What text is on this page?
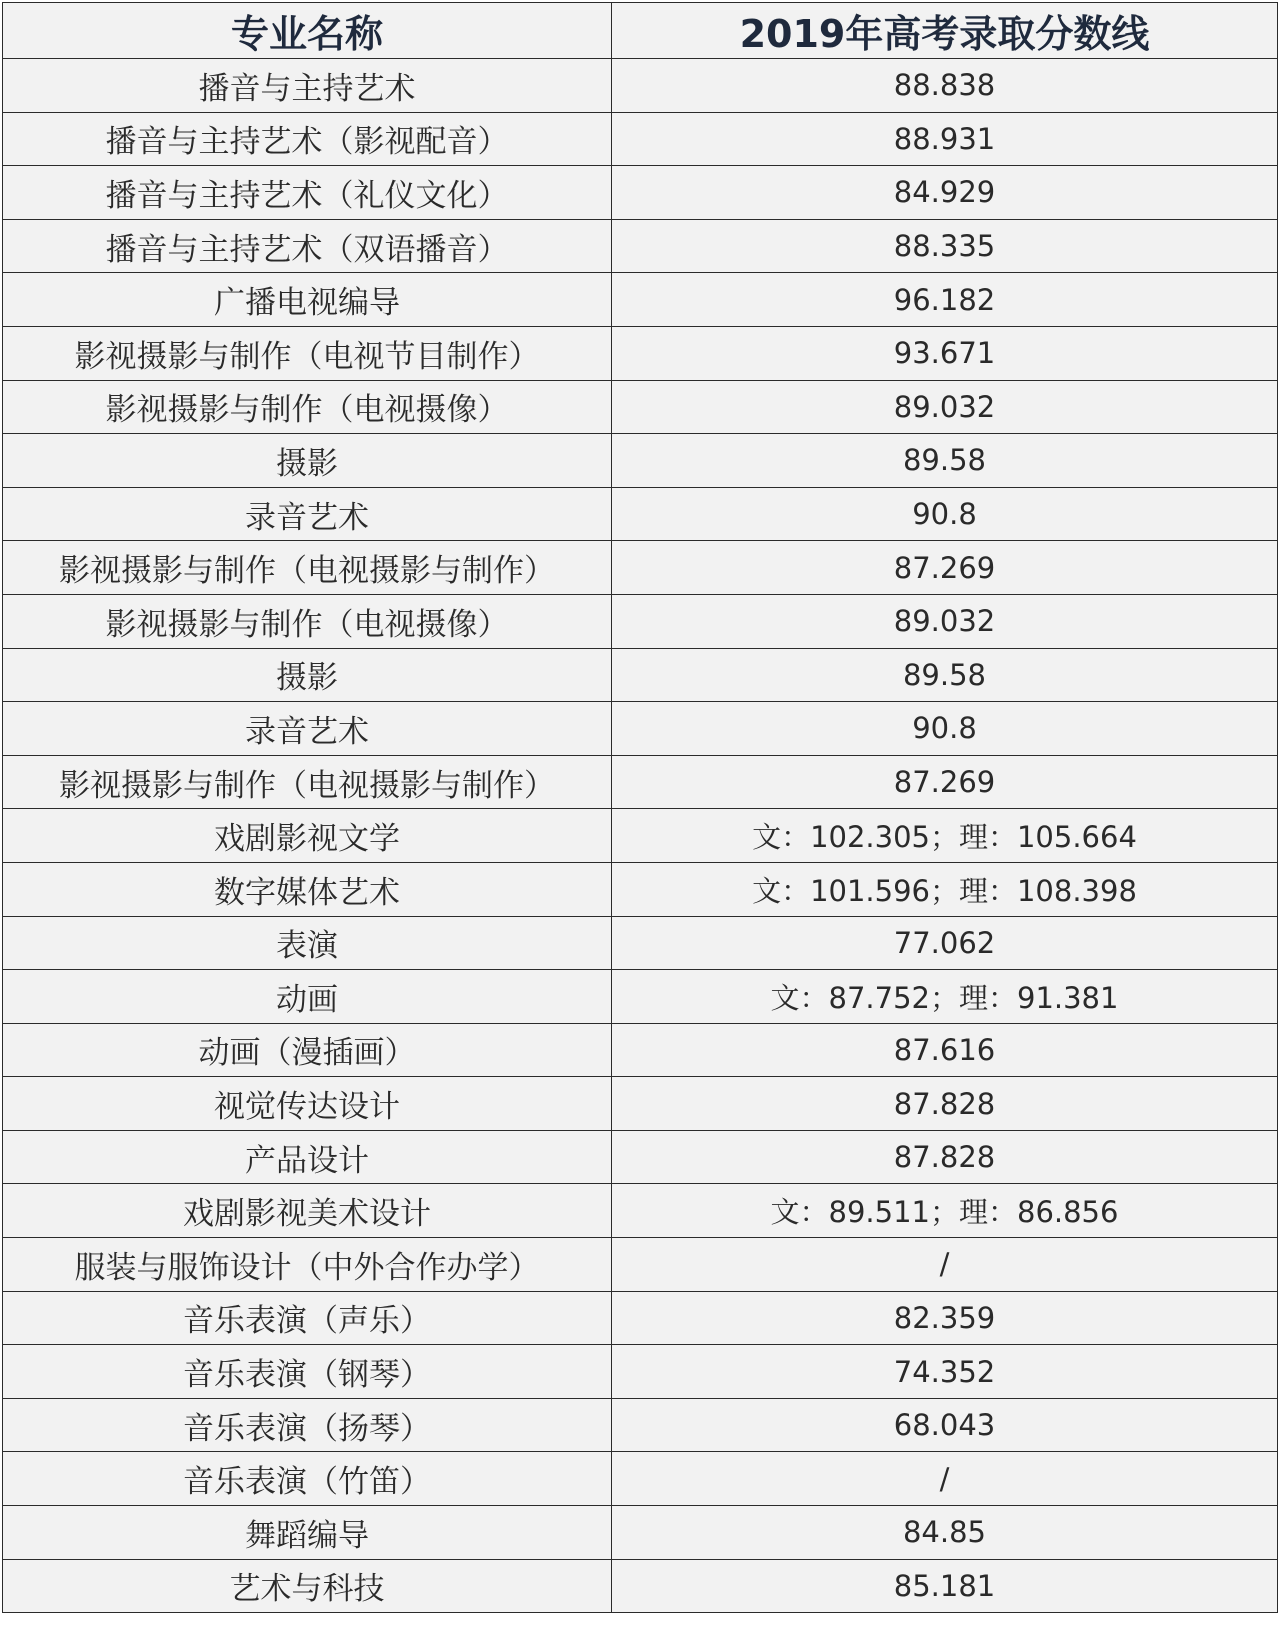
专业名称	2019年高考录取分数线
播音与主持艺术	88.838
播音与主持艺术（影视配音）	88.931
播音与主持艺术（礼仪文化）	84.929
播音与主持艺术（双语播音）	88.335
广播电视编导	96.182
影视摄影与制作（电视节目制作）	93.671
影视摄影与制作（电视摄像）	89.032
摄影	89.58
录音艺术	90.8
影视摄影与制作（电视摄影与制作）	87.269
影视摄影与制作（电视摄像）	89.032
摄影	89.58
录音艺术	90.8
影视摄影与制作（电视摄影与制作）	87.269
戏剧影视文学	文：102.305；理：105.664
数字媒体艺术	文：101.596；理：108.398
表演	77.062
动画	文：87.752；理：91.381
动画（漫插画）	87.616
视觉传达设计	87.828
产品设计	87.828
戏剧影视美术设计	文：89.511；理：86.856
服装与服饰设计（中外合作办学）	/
音乐表演（声乐）	82.359
音乐表演（钢琴）	74.352
音乐表演（扬琴）	68.043
音乐表演（竹笛）	/
舞蹈编导	84.85
艺术与科技	85.181
